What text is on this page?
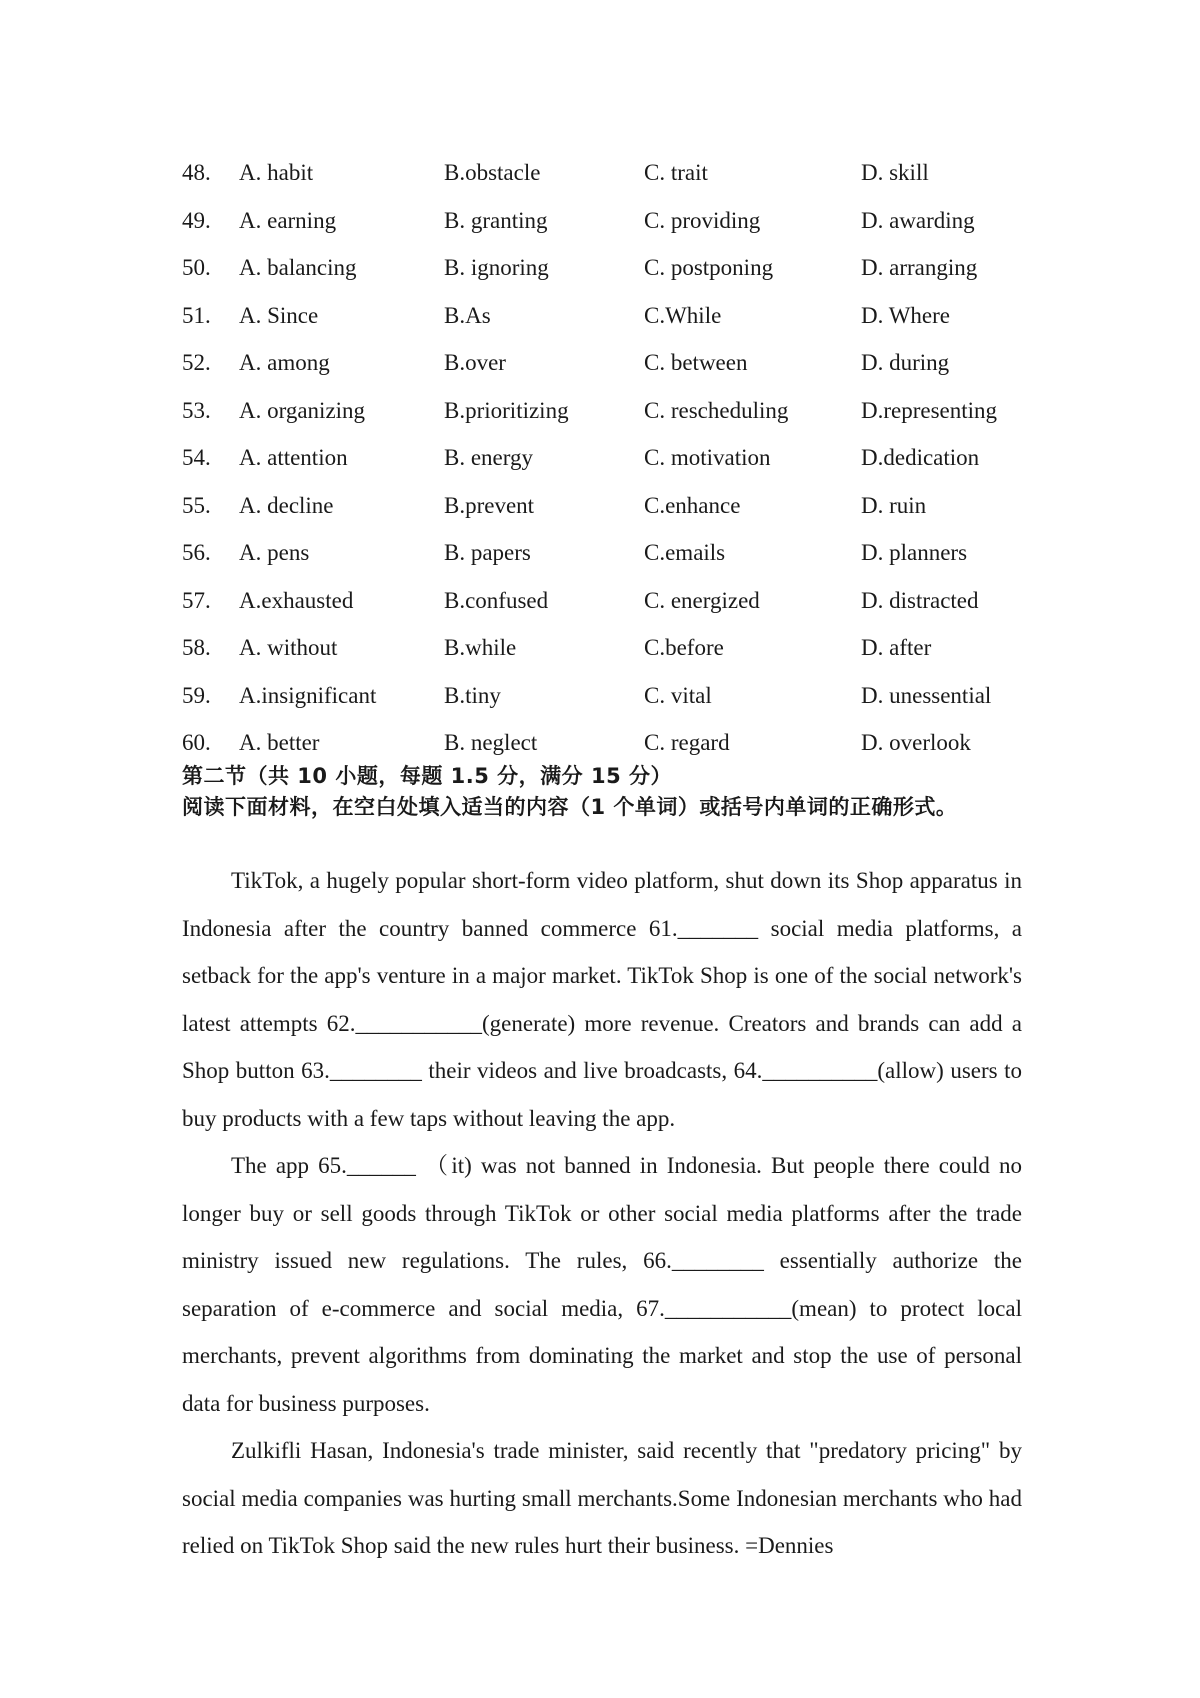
48. A. habit	B.obstacle	C. trait	D. skill
49. A. earning	B. granting	C. providing	D. awarding
50. A. balancing	B. ignoring	C. postponing	D. arranging
51. A. Since	B.As	C.While	D. Where
52. A. among	B.over	C. between	D. during
53. A. organizing	B.prioritizing	C. rescheduling	D.representing
54. A. attention	B. energy	C. motivation	D.dedication
55. A. decline	B.prevent	C.enhance	D. ruin
56. A. pens	B. papers	C.emails	D. planners
57. A.exhausted	B.confused	C. energized	D. distracted
58. A. without	B.while	C.before	D. after
59. A.insignificant	B.tiny	C. vital	D. unessential
60. A. better	B. neglect	C. regard	D. overlook
第二节（共 10 小题，每题 1.5 分，满分 15 分）
阅读下面材料，在空白处填入适当的内容（1 个单词）或括号内单词的正确形式。

TikTok, a hugely popular short-form video platform, shut down its Shop apparatus in Indonesia after the country banned commerce 61._______ social media platforms, a setback for the app's venture in a major market. TikTok Shop is one of the social network's latest attempts 62.___________(generate) more revenue. Creators and brands can add a Shop button 63.________ their videos and live broadcasts, 64.__________(allow) users to buy products with a few taps without leaving the app.

The app 65.______ （it) was not banned in Indonesia. But people there could no longer buy or sell goods through TikTok or other social media platforms after the trade ministry issued new regulations. The rules, 66.________ essentially authorize the separation of e-commerce and social media, 67.___________(mean) to protect local merchants, prevent algorithms from dominating the market and stop the use of personal data for business purposes.

Zulkifli Hasan, Indonesia's trade minister, said recently that "predatory pricing" by social media companies was hurting small merchants.Some Indonesian merchants who had relied on TikTok Shop said the new rules hurt their business. =Dennies
